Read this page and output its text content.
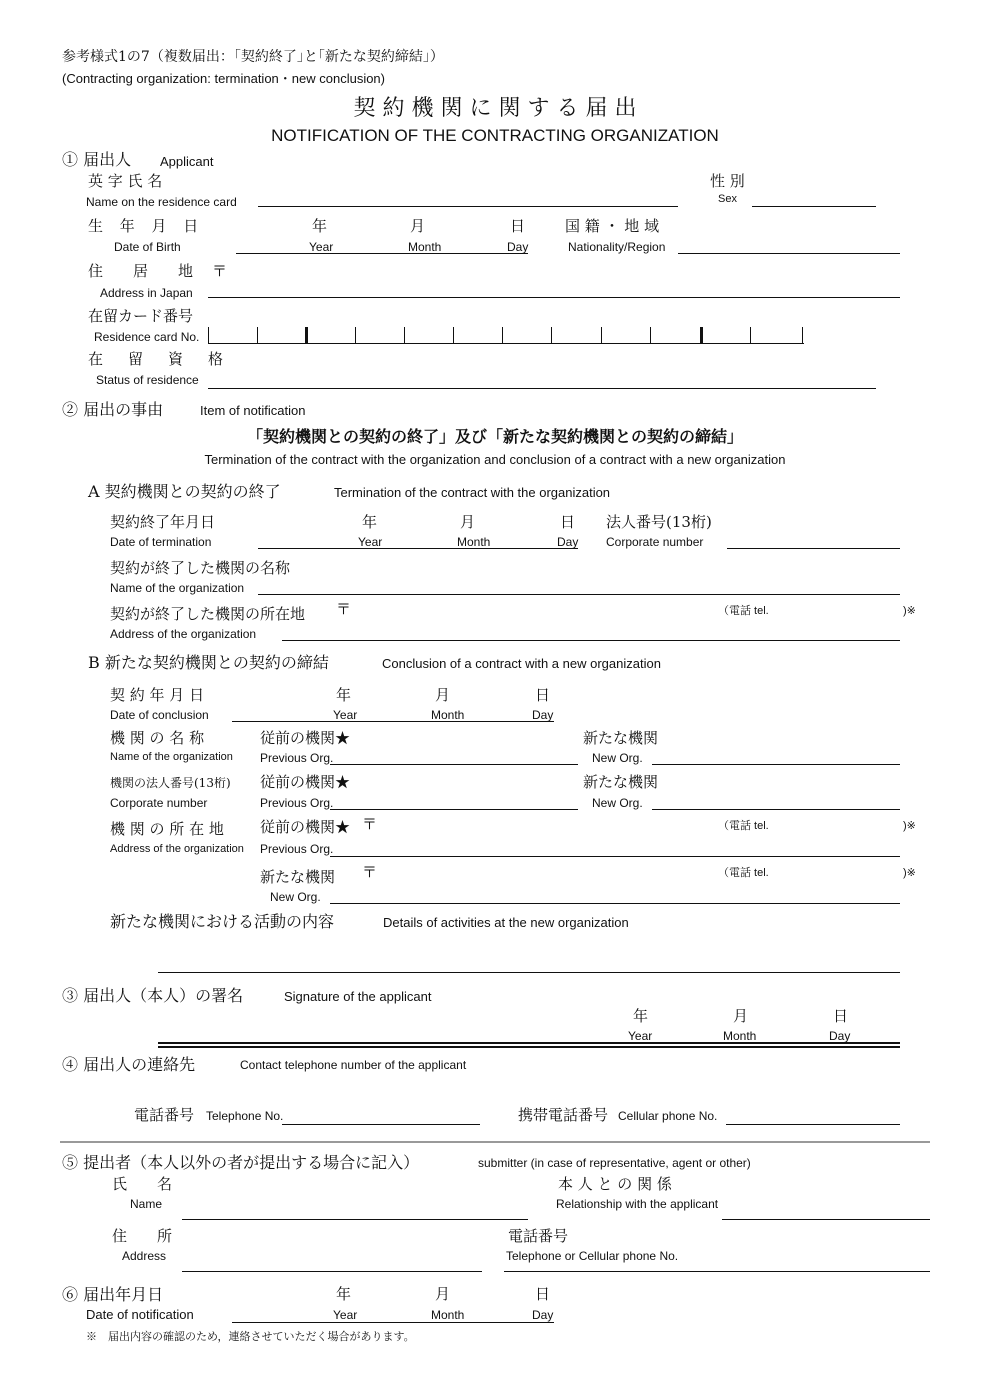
参考様式1の7（複数届出：｢契約終了｣と｢新たな契約締結｣）
(Contracting organization: termination・new conclusion)
契 約 機 関 に 関 す る 届 出
NOTIFICATION OF THE CONTRACTING ORGANIZATION
① 届出人 Applicant
英 字 氏 名
Name on the residence card
性 別
Sex
生 年 月 日
Date of Birth
年
Year
月
Month
日
Day
国 籍 ・ 地 域
Nationality/Region
住　　居　　地 〒
Address in Japan
在留カード番号
Residence card No.
在　留　資　格
Status of residence
② 届出の事由	Item of notification
「契約機関との契約の終了」及び「新たな契約機関との契約の締結」
Termination of the contract with the organization and conclusion of a contract with a new organization
A 契約機関との契約の終了	Termination of the contract with the organization
契約終了年月日
Date of termination
年
Year
月
Month
日
Day
法人番号(13桁)
Corporate number
契約が終了した機関の名称
Name of the organization
契約が終了した機関の所在地 〒	（電話 tel.	)※
Address of the organization
B 新たな契約機関との契約の締結	Conclusion of a contract with a new organization
契 約 年 月 日
Date of conclusion
年
Year
月
Month
日
Day
機 関 の 名 称
Name of the organization
従前の機関★
Previous Org.
新たな機関
New Org.
機関の法人番号(13桁)
Corporate number
従前の機関★
Previous Org.
新たな機関
New Org.
機 関 の 所 在 地
Address of the organization
従前の機関★ 〒	（電話 tel.	)※
Previous Org.
新たな機関 〒	（電話 tel.	)※
New Org.
新たな機関における活動の内容	Details of activities at the new organization
③ 届出人（本人）の署名	Signature of the applicant
年
Year
月
Month
日
Day
④ 届出人の連絡先	Contact telephone number of the applicant
電話番号 Telephone No.	携帯電話番号 Cellular phone No.
⑤ 提出者（本人以外の者が提出する場合に記入）	submitter (in case of representative, agent or other)
氏　　名
Name
本 人 と の 関 係
Relationship with the applicant
住　　所
Address
電話番号
Telephone or Cellular phone No.
⑥ 届出年月日
Date of notification
年
Year
月
Month
日
Day
※　届出内容の確認のため，連絡させていただく場合があります。
